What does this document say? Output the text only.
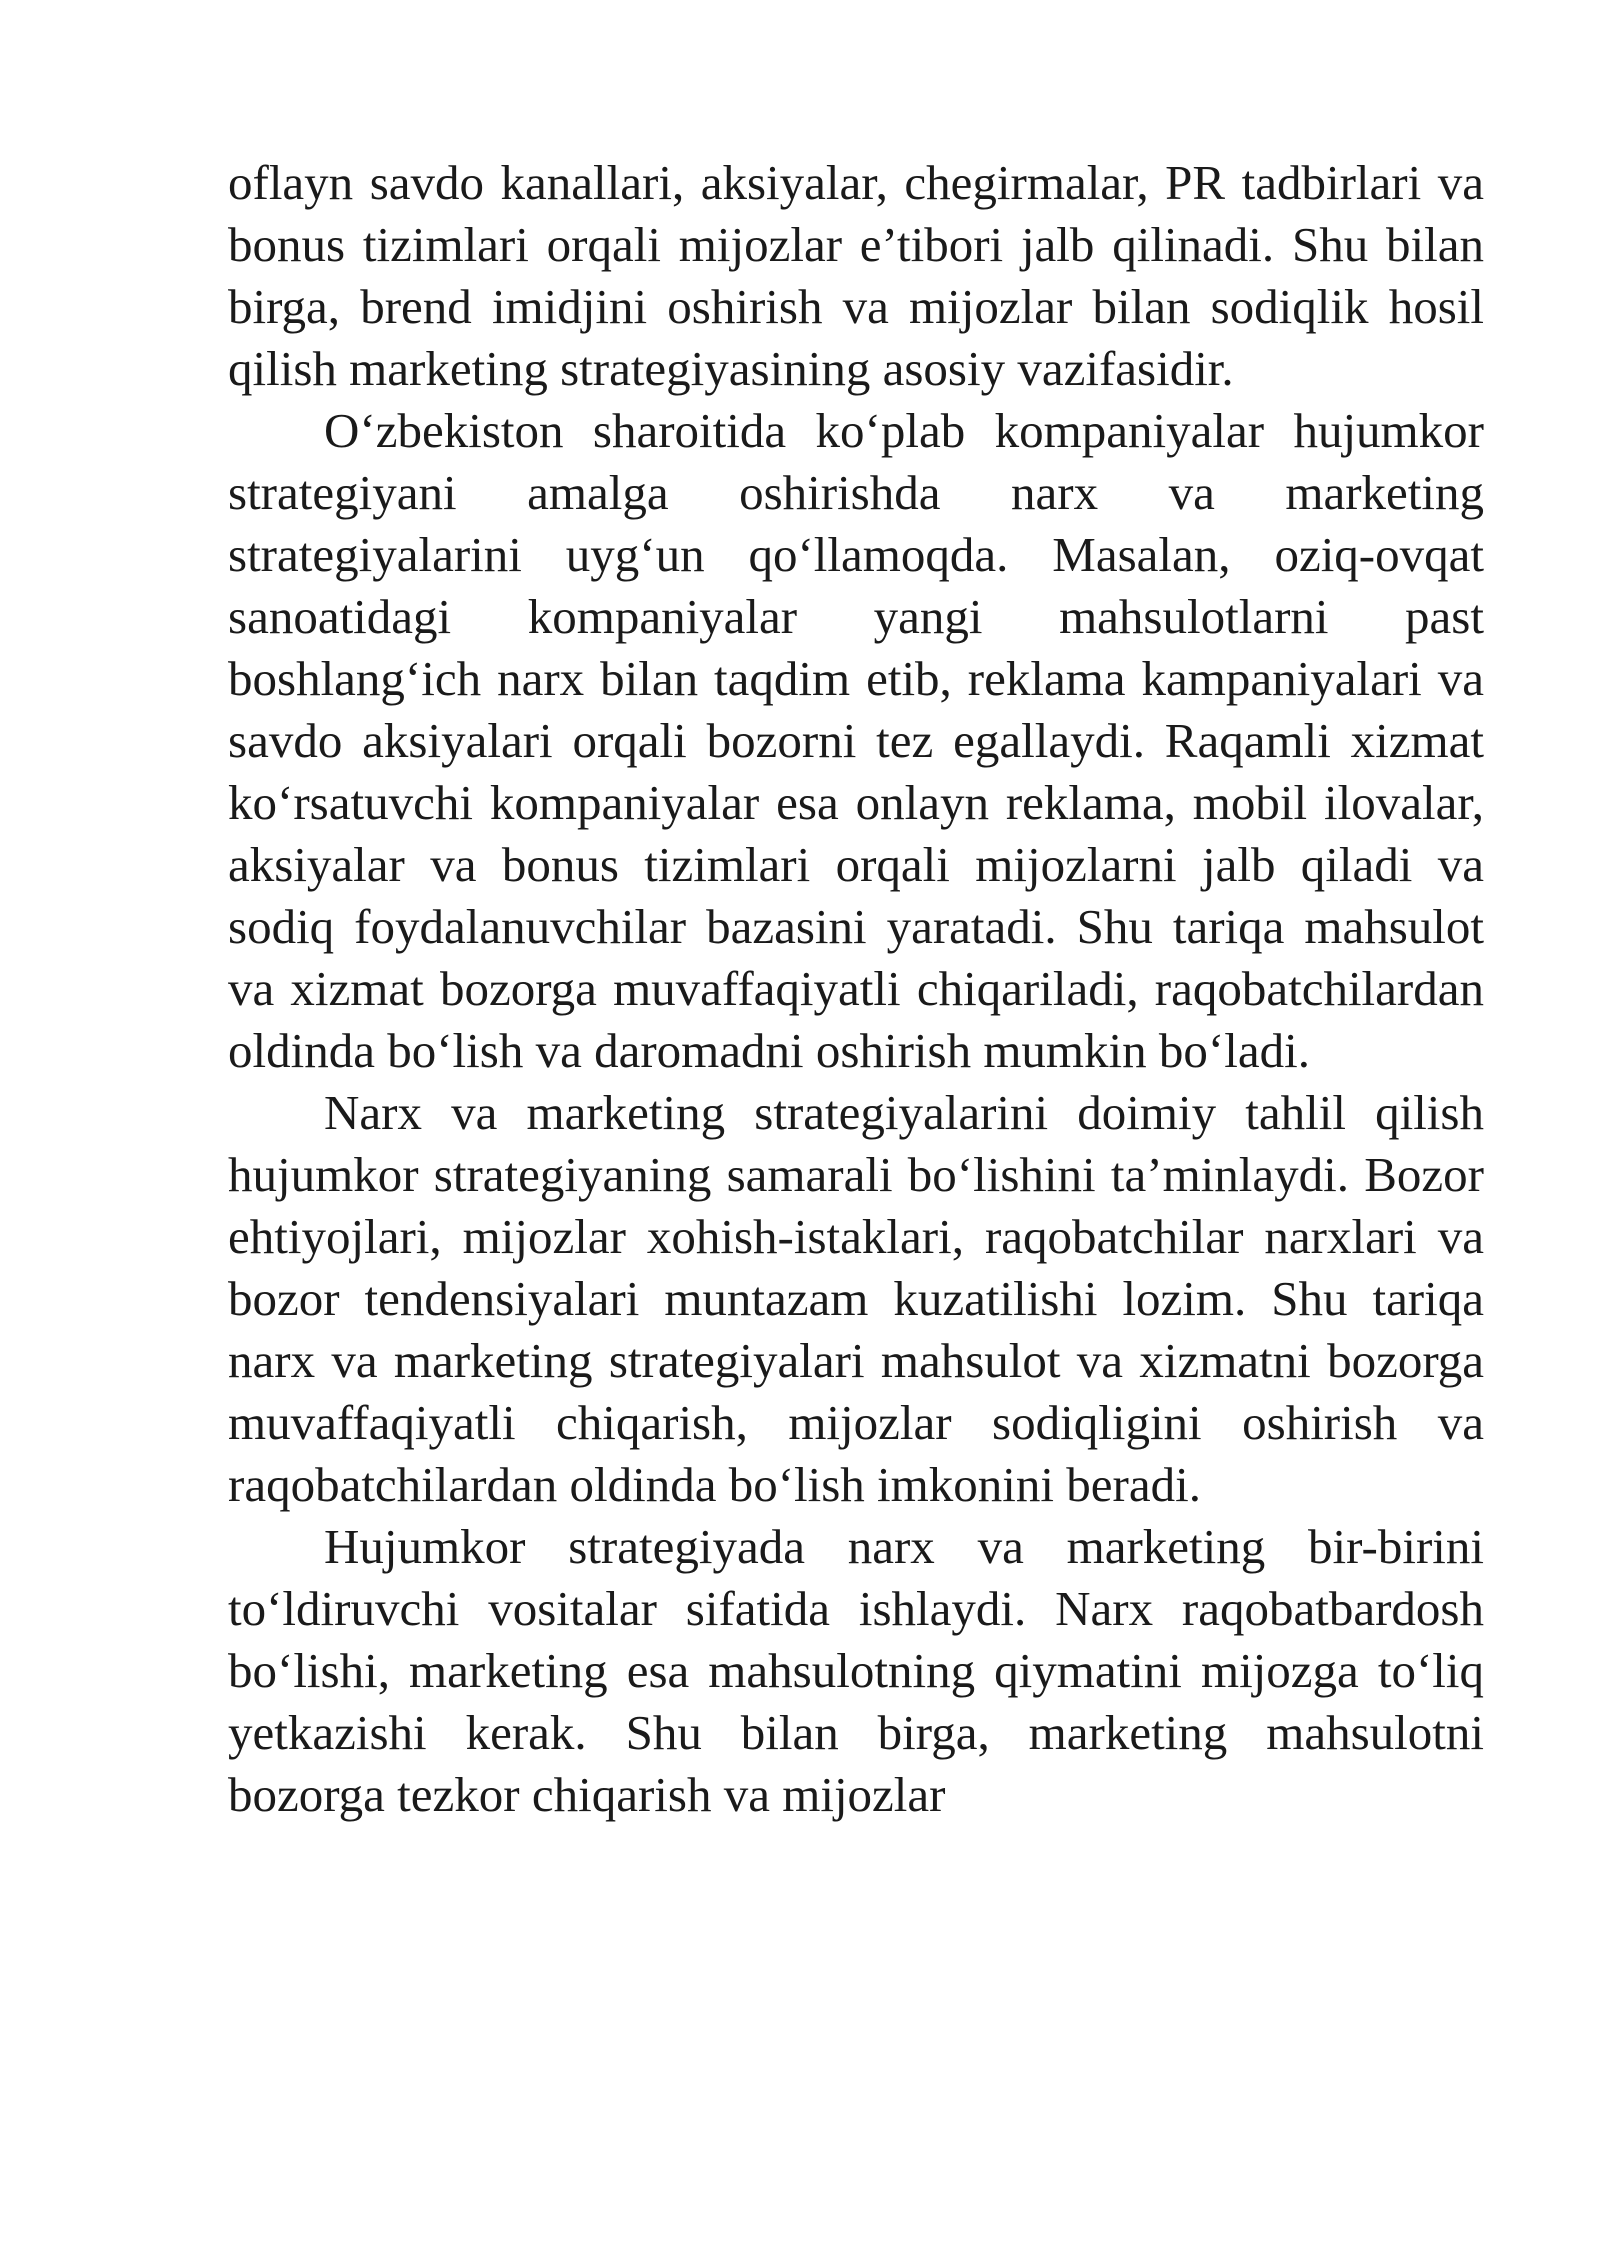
oflayn savdo kanallari, aksiyalar, chegirmalar, PR tadbirlari va bonus tizimlari orqali mijozlar e’tibori jalb qilinadi. Shu bilan birga, brend imidjini oshirish va mijozlar bilan sodiqlik hosil qilish marketing strategiyasining asosiy vazifasidir.

O‘zbekiston sharoitida ko‘plab kompaniyalar hujumkor strategiyani amalga oshirishda narx va marketing strategiyalarini uyg‘un qo‘llamoqda. Masalan, oziq-ovqat sanoatidagi kompaniyalar yangi mahsulotlarni past boshlang‘ich narx bilan taqdim etib, reklama kampaniyalari va savdo aksiyalari orqali bozorni tez egallaydi. Raqamli xizmat ko‘rsatuvchi kompaniyalar esa onlayn reklama, mobil ilovalar, aksiyalar va bonus tizimlari orqali mijozlarni jalb qiladi va sodiq foydalanuvchilar bazasini yaratadi. Shu tariqa mahsulot va xizmat bozorga muvaffaqiyatli chiqariladi, raqobatchilardan oldinda bo‘lish va daromadni oshirish mumkin bo‘ladi.

Narx va marketing strategiyalarini doimiy tahlil qilish hujumkor strategiyaning samarali bo‘lishini ta’minlaydi. Bozor ehtiyojlari, mijozlar xohish-istaklari, raqobatchilar narxlari va bozor tendensiyalari muntazam kuzatilishi lozim. Shu tariqa narx va marketing strategiyalari mahsulot va xizmatni bozorga muvaffaqiyatli chiqarish, mijozlar sodiqligini oshirish va raqobatchilardan oldinda bo‘lish imkonini beradi.

Hujumkor strategiyada narx va marketing bir-birini to‘ldiruvchi vositalar sifatida ishlaydi. Narx raqobatbardosh bo‘lishi, marketing esa mahsulotning qiymatini mijozga to‘liq yetkazishi kerak. Shu bilan birga, marketing mahsulotni bozorga tezkor chiqarish va mijozlar
